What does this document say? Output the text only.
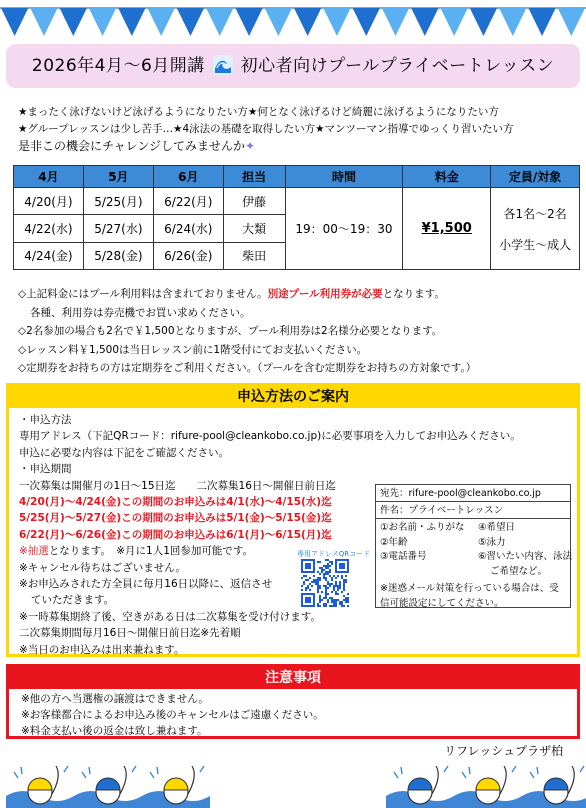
2026年4月～6月開講 初心者向けプールプライベートレッスン
★まったく泳げないけど泳げるようになりたい方★何となく泳げるけど綺麗に泳げるようになりたい方
★グループレッスンは少し苦手…★4泳法の基礎を取得したい方★マンツーマン指導でゆっくり習いたい方
是非この機会にチャレンジしてみませんか✦
4月	5月	6月	担当	時間	料金	定員/対象
4/20(月)	5/25(月)	6/22(月)	伊藤	19：00～19：30	¥1,500	各1名～2名
小学生～成人

4/22(水)	5/27(水)	6/24(水)	大類			
4/24(金)	5/28(金)	6/26(金)	柴田			
◇上記料金にはプール利用料は含まれておりません。別途プール利用券が必要となります。
各種、利用券は券売機でお買い求めください。
◇2名参加の場合も2名で￥1,500となりますが、プール利用券は2名様分必要となります。
◇レッスン料￥1,500は当日レッスン前に1階受付にてお支払いください。
◇定期券をお持ちの方は定期券をご利用ください。（プールを含む定期券をお持ちの方対象です。）
申込方法のご案内
・申込方法
専用アドレス（下記QRコード：rifure-pool@cleankobo.co.jp)に必要事項を入力してお申込みください。
申込に必要な内容は下記をご確認ください。
・申込期間
一次募集は開催月の1日～15日迄　　二次募集16日～開催日前日迄
4/20(月)～4/24(金)この期間のお申込みは4/1(水)～4/15(水)迄
5/25(月)～5/27(金)この期間のお申込みは5/1(金)～5/15(金)迄
6/22(月)～6/26(金)この期間のお申込みは6/1(月)～6/15(月)迄
※抽選となります。　※月に1人1回参加可能です。
※キャンセル待ちはございません。
※お申込みされた方全員に毎月16日以降に、返信させ
ていただきます。
※一時募集期終了後、空きがある日は二次募集を受け付けます。
二次募集期間毎月16日～開催日前日迄※先着順
※当日のお申込みは出来兼ねます。
専用アドレスQRコード
宛先：rifure-pool@cleankobo.co.jp
件名：プライベートレッスン
①お名前・ふりがな	④希望日
②年齢	⑤泳力
③電話番号	⑥習いたい内容、泳法
ご希望など。
※迷惑メール対策を行っている場合は、受信可能設定にしてください。
注意事項
※他の方へ当選権の譲渡はできません。
※お客様都合によるお申込み後のキャンセルはご遠慮ください。
※料金支払い後の返金は致し兼ねます。
リフレッシュプラザ柏
